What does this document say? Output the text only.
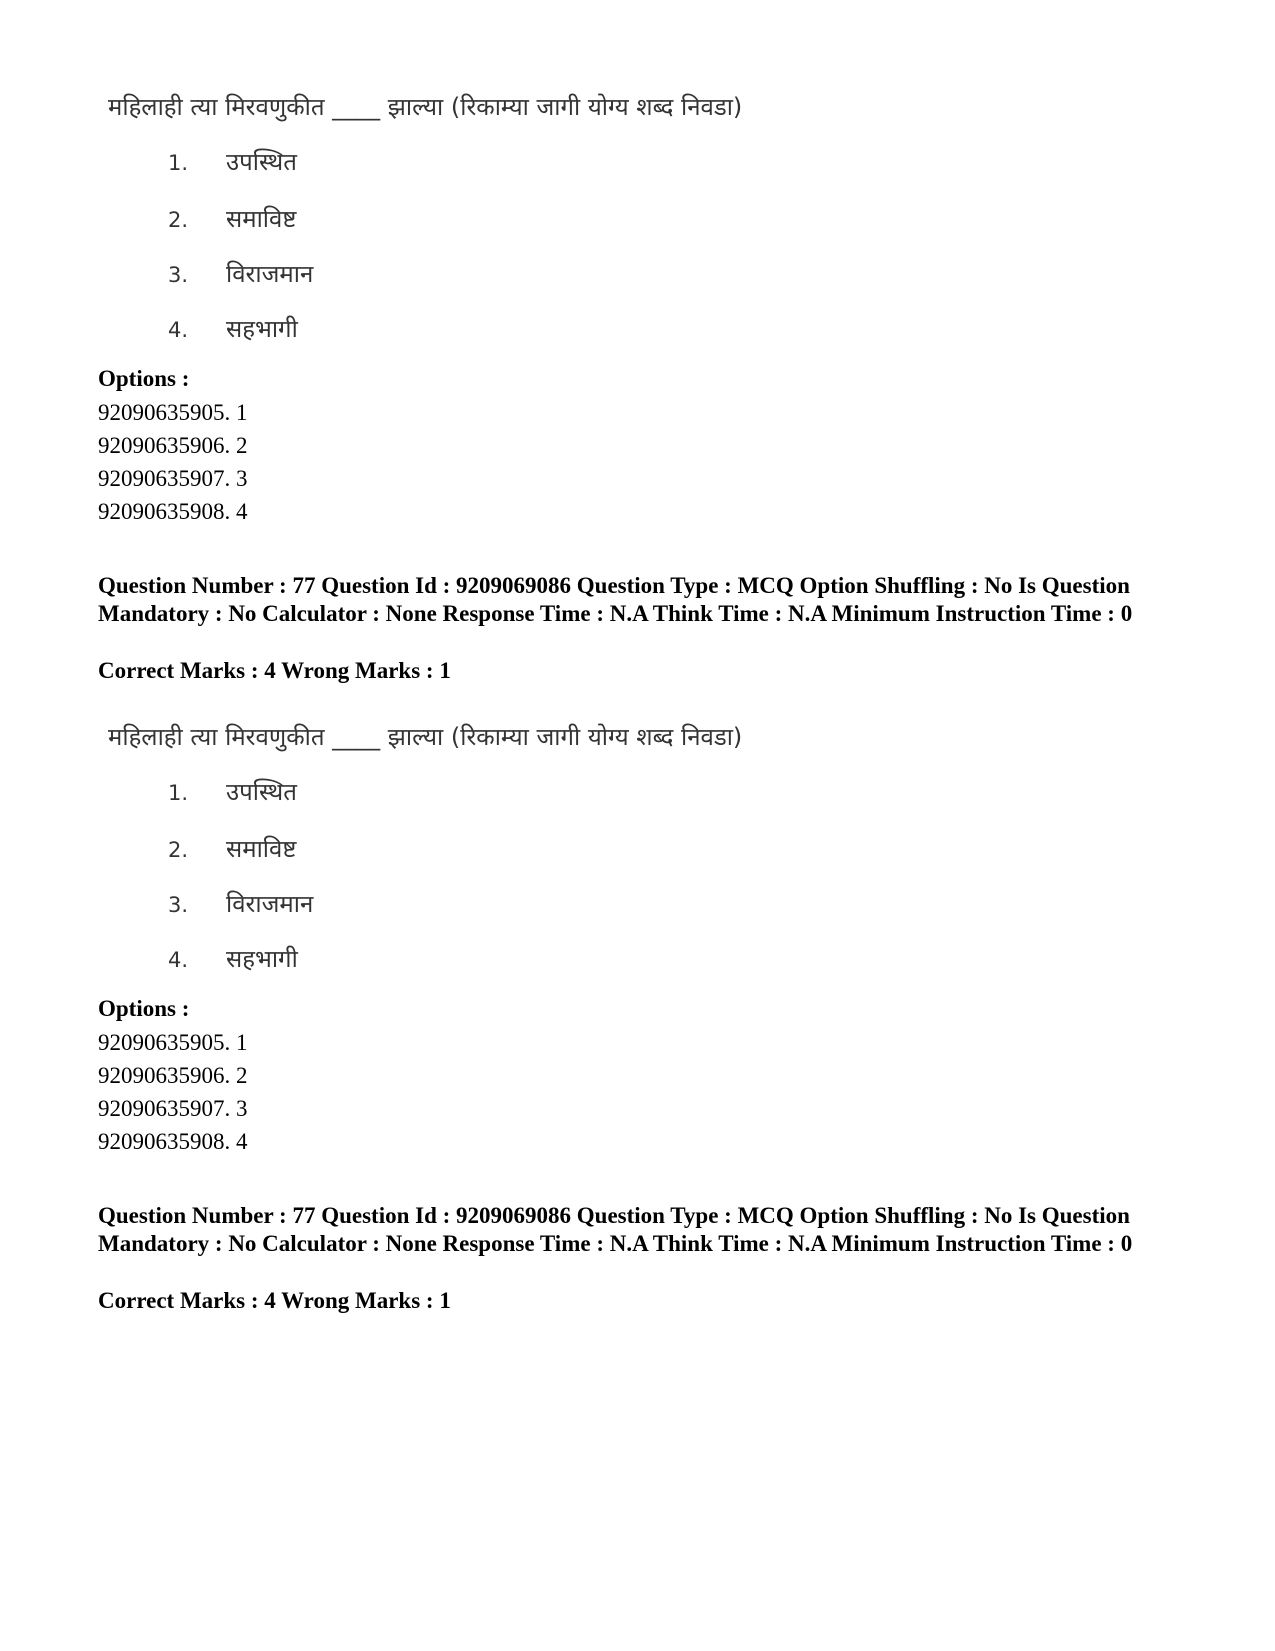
महिलाही त्या मिरवणुकीत ____ झाल्या (रिकाम्या जागी योग्य शब्द निवडा)
1. उपस्थित
2. समाविष्ट
3. विराजमान
4. सहभागी
Options :
92090635905. 1
92090635906. 2
92090635907. 3
92090635908. 4
Question Number : 77 Question Id : 9209069086 Question Type : MCQ Option Shuffling : No Is Question Mandatory : No Calculator : None Response Time : N.A Think Time : N.A Minimum Instruction Time : 0
Correct Marks : 4 Wrong Marks : 1
महिलाही त्या मिरवणुकीत ____ झाल्या (रिकाम्या जागी योग्य शब्द निवडा)
1. उपस्थित
2. समाविष्ट
3. विराजमान
4. सहभागी
Options :
92090635905. 1
92090635906. 2
92090635907. 3
92090635908. 4
Question Number : 77 Question Id : 9209069086 Question Type : MCQ Option Shuffling : No Is Question Mandatory : No Calculator : None Response Time : N.A Think Time : N.A Minimum Instruction Time : 0
Correct Marks : 4 Wrong Marks : 1
